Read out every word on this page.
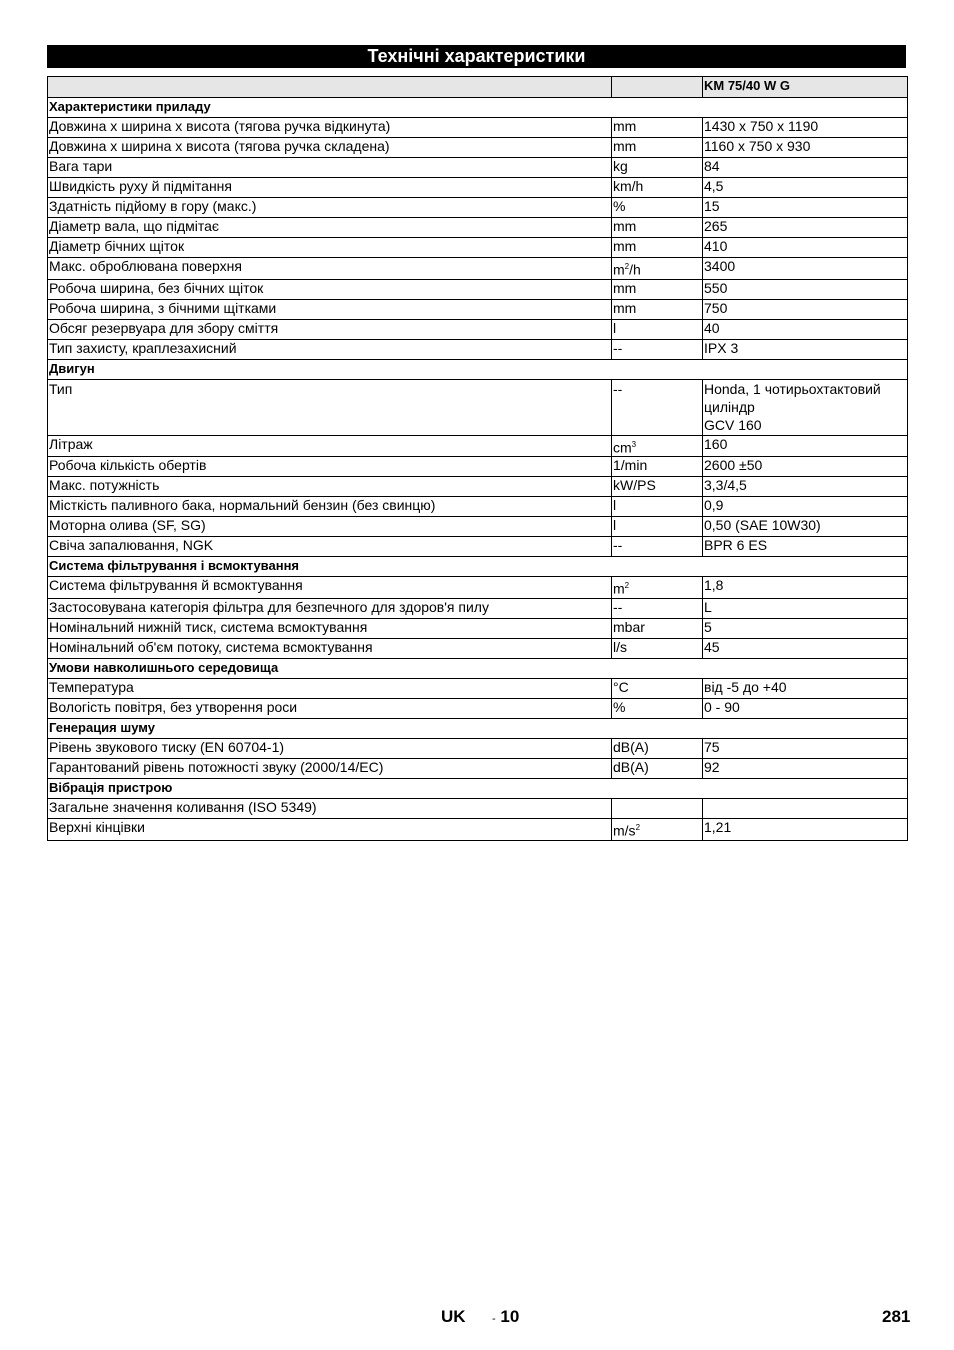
Технічні характеристики
		KM 75/40 W G
Характеристики приладу		
Довжина x ширина x висота (тягова ручка відкинута)	mm	1430 x 750 x 1190
Довжина x ширина x висота (тягова ручка складена)	mm	1160 x 750 x 930
Вага тари	kg	84
Швидкість руху й підмітання	km/h	4,5
Здатність підйому в гору (макс.)	%	15
Діаметр вала, що підмітає	mm	265
Діаметр бічних щіток	mm	410
Макс. оброблювана поверхня	$m^2/h$	3400
Робоча ширина, без бічних щіток	mm	550
Робоча ширина, з бічними щітками	mm	750
Обсяг резервуара для збору сміття	l	40
Тип захисту, краплезахисний	--	IPX 3
Двигун		
Тип	--	Honda, 1 чотирьохтактовий циліндр
GCV 160
Літраж	$cm^3$	160
Робоча кількість обертів	1/min	2600 ±50
Макс. потужність	kW/PS	3,3/4,5
Місткість паливного бака, нормальний бензин (без свинцю)	l	0,9
Моторна олива (SF, SG)	l	0,50 (SAE 10W30)
Свіча запалювання, NGK	--	BPR 6 ES
Система фільтрування і всмоктування		
Система фільтрування й всмоктування	$m^2$	1,8
Застосовувана категорія фільтра для безпечного для здоров'я пилу	--	L
Номінальний нижній тиск, система всмоктування	mbar	5
Номінальний об'єм потоку, система всмоктування	l/s	45
Умови навколишнього середовища		
Температура	°C	від -5 до +40
Вологість повітря, без утворення роси	%	0 - 90
Генерация шуму		
Рівень звукового тиску (EN 60704-1)	dB(A)	75
Гарантований рівень потожності звуку (2000/14/EC)	dB(A)	92
Вібрація пристрою		
Загальне значення коливання (ISO 5349)		
Верхні кінцівки	$m/s^2$	1,21
UK - 10	281
